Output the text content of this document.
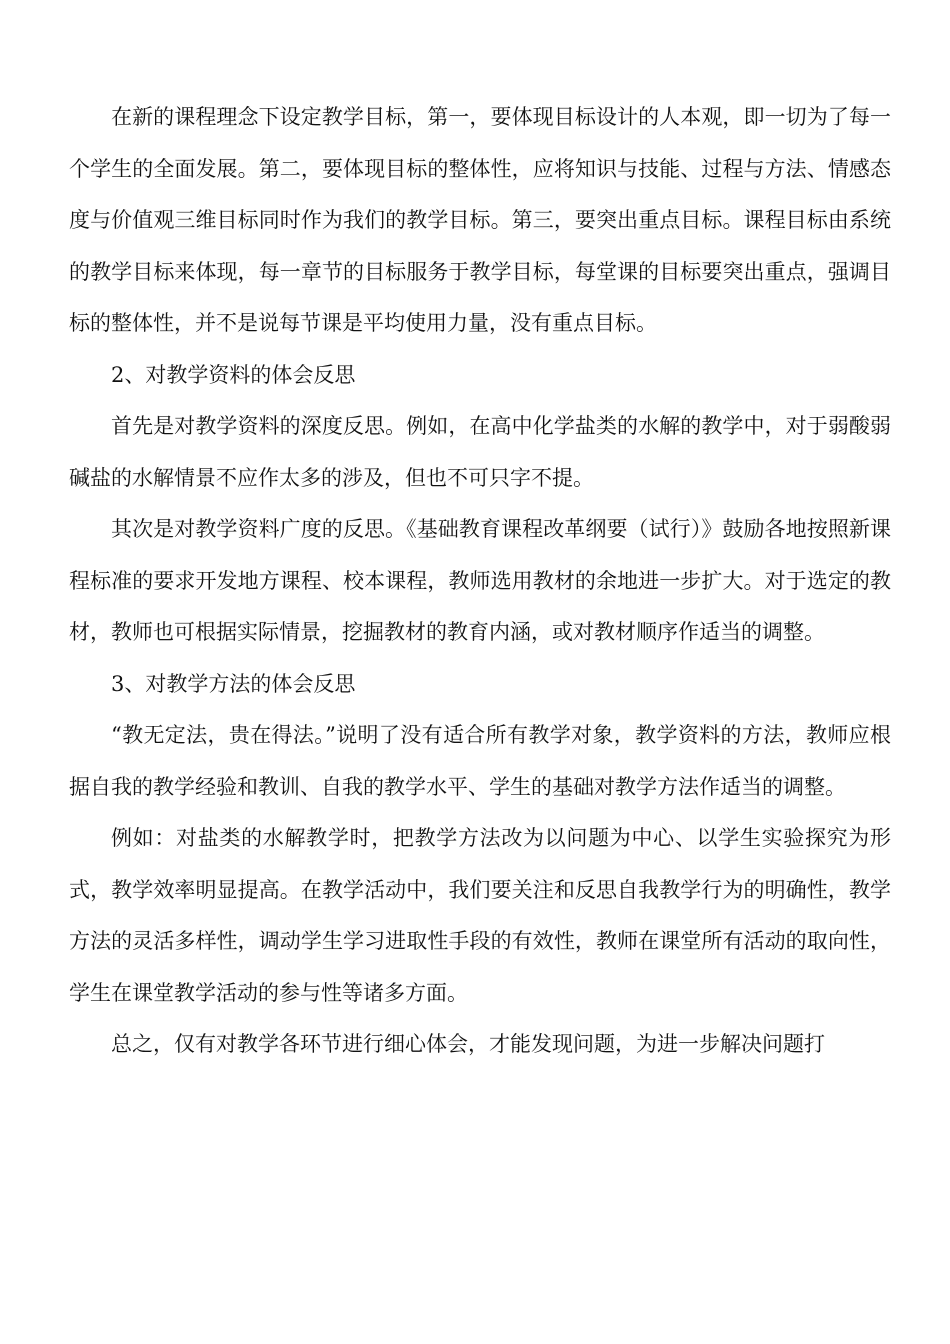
在新的课程理念下设定教学目标，第一，要体现目标设计的人本观，即一切为了每一个学生的全面发展。第二，要体现目标的整体性，应将知识与技能、过程与方法、情感态度与价值观三维目标同时作为我们的教学目标。第三，要突出重点目标。课程目标由系统的教学目标来体现，每一章节的目标服务于教学目标，每堂课的目标要突出重点，强调目标的整体性，并不是说每节课是平均使用力量，没有重点目标。

2、对教学资料的体会反思

首先是对教学资料的深度反思。例如，在高中化学盐类的水解的教学中，对于弱酸弱碱盐的水解情景不应作太多的涉及，但也不可只字不提。

其次是对教学资料广度的反思。《基础教育课程改革纲要（试行）》鼓励各地按照新课程标准的要求开发地方课程、校本课程，教师选用教材的余地进一步扩大。对于选定的教材，教师也可根据实际情景，挖掘教材的教育内涵，或对教材顺序作适当的调整。

3、对教学方法的体会反思

“教无定法，贵在得法。”说明了没有适合所有教学对象，教学资料的方法，教师应根据自我的教学经验和教训、自我的教学水平、学生的基础对教学方法作适当的调整。

例如：对盐类的水解教学时，把教学方法改为以问题为中心、以学生实验探究为形式，教学效率明显提高。在教学活动中，我们要关注和反思自我教学行为的明确性，教学方法的灵活多样性，调动学生学习进取性手段的有效性，教师在课堂所有活动的取向性，学生在课堂教学活动的参与性等诸多方面。

总之，仅有对教学各环节进行细心体会，才能发现问题，为进一步解决问题打
